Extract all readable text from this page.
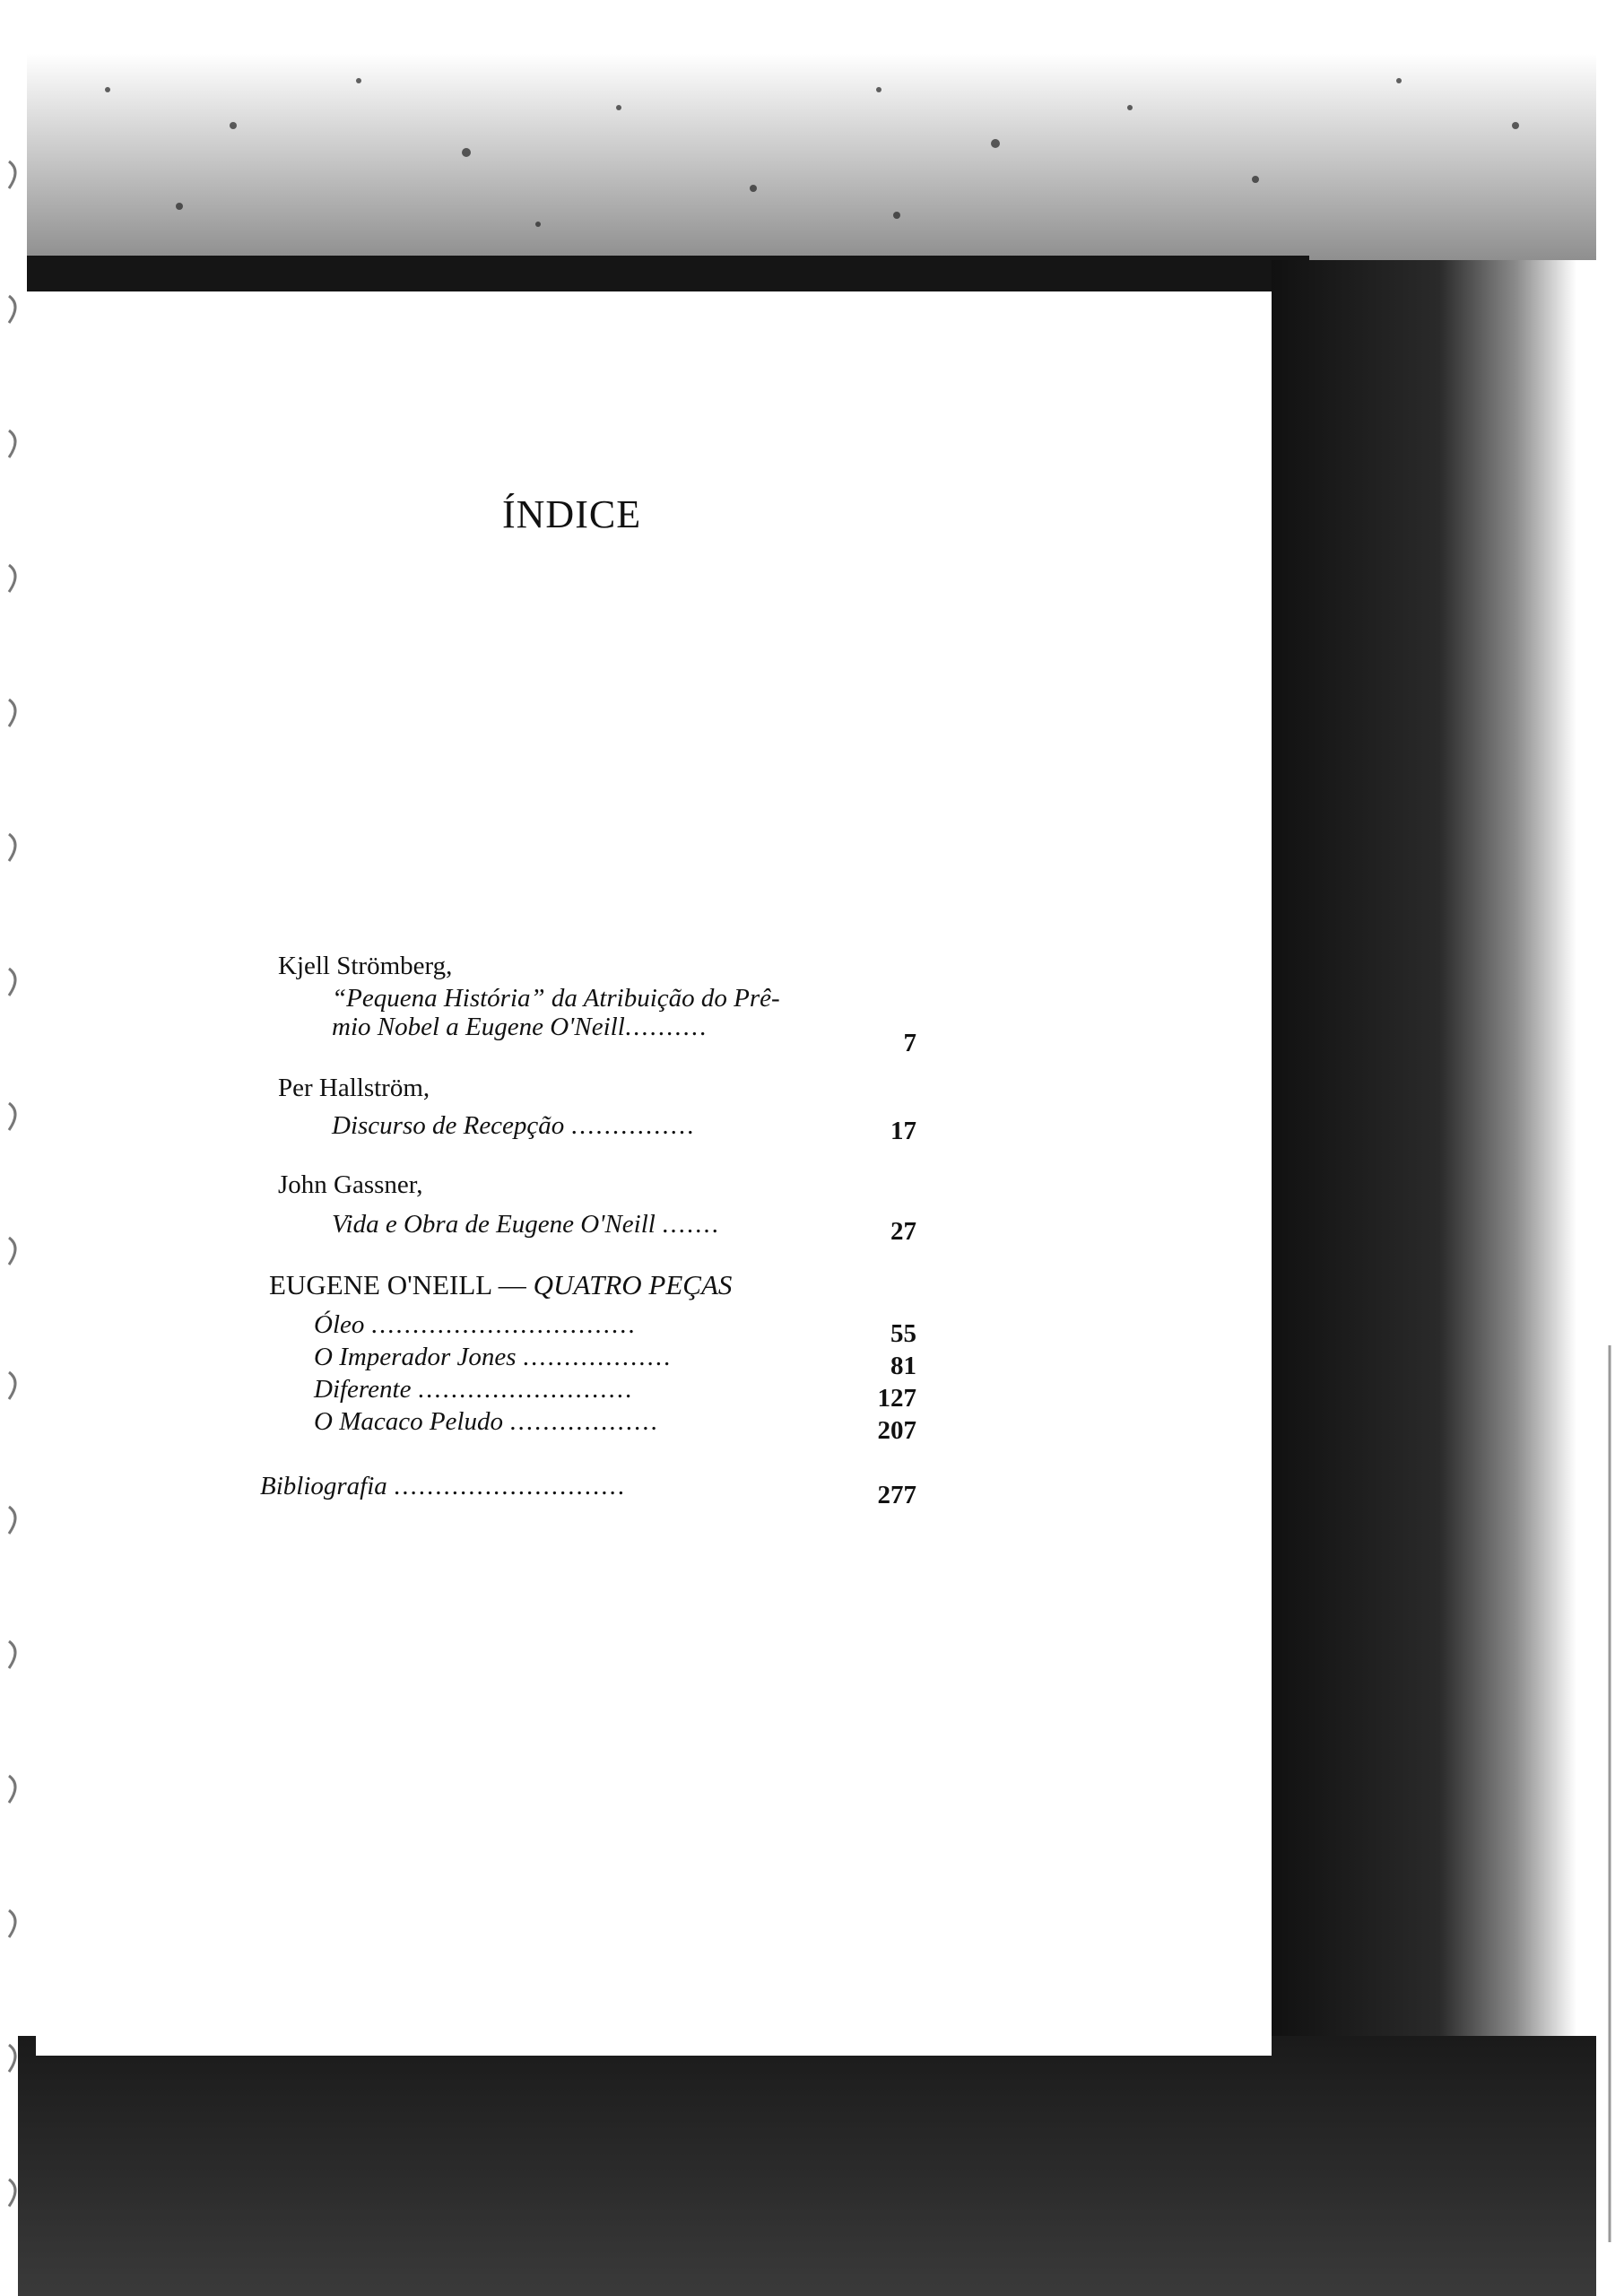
ÍNDICE
Kjell Strömberg,
“Pequena História” da Atribuição do Prê-
mio Nobel a Eugene O'Neill..........
7
Per Hallström,
Discurso de Recepção ...............	17
John Gassner,
Vida e Obra de Eugene O'Neill .......	27
EUGENE O'NEILL — QUATRO PEÇAS
Óleo ................................	55
O Imperador Jones ..................	81
Diferente ..........................	127
O Macaco Peludo ..................	207
Bibliografia ............................	277
